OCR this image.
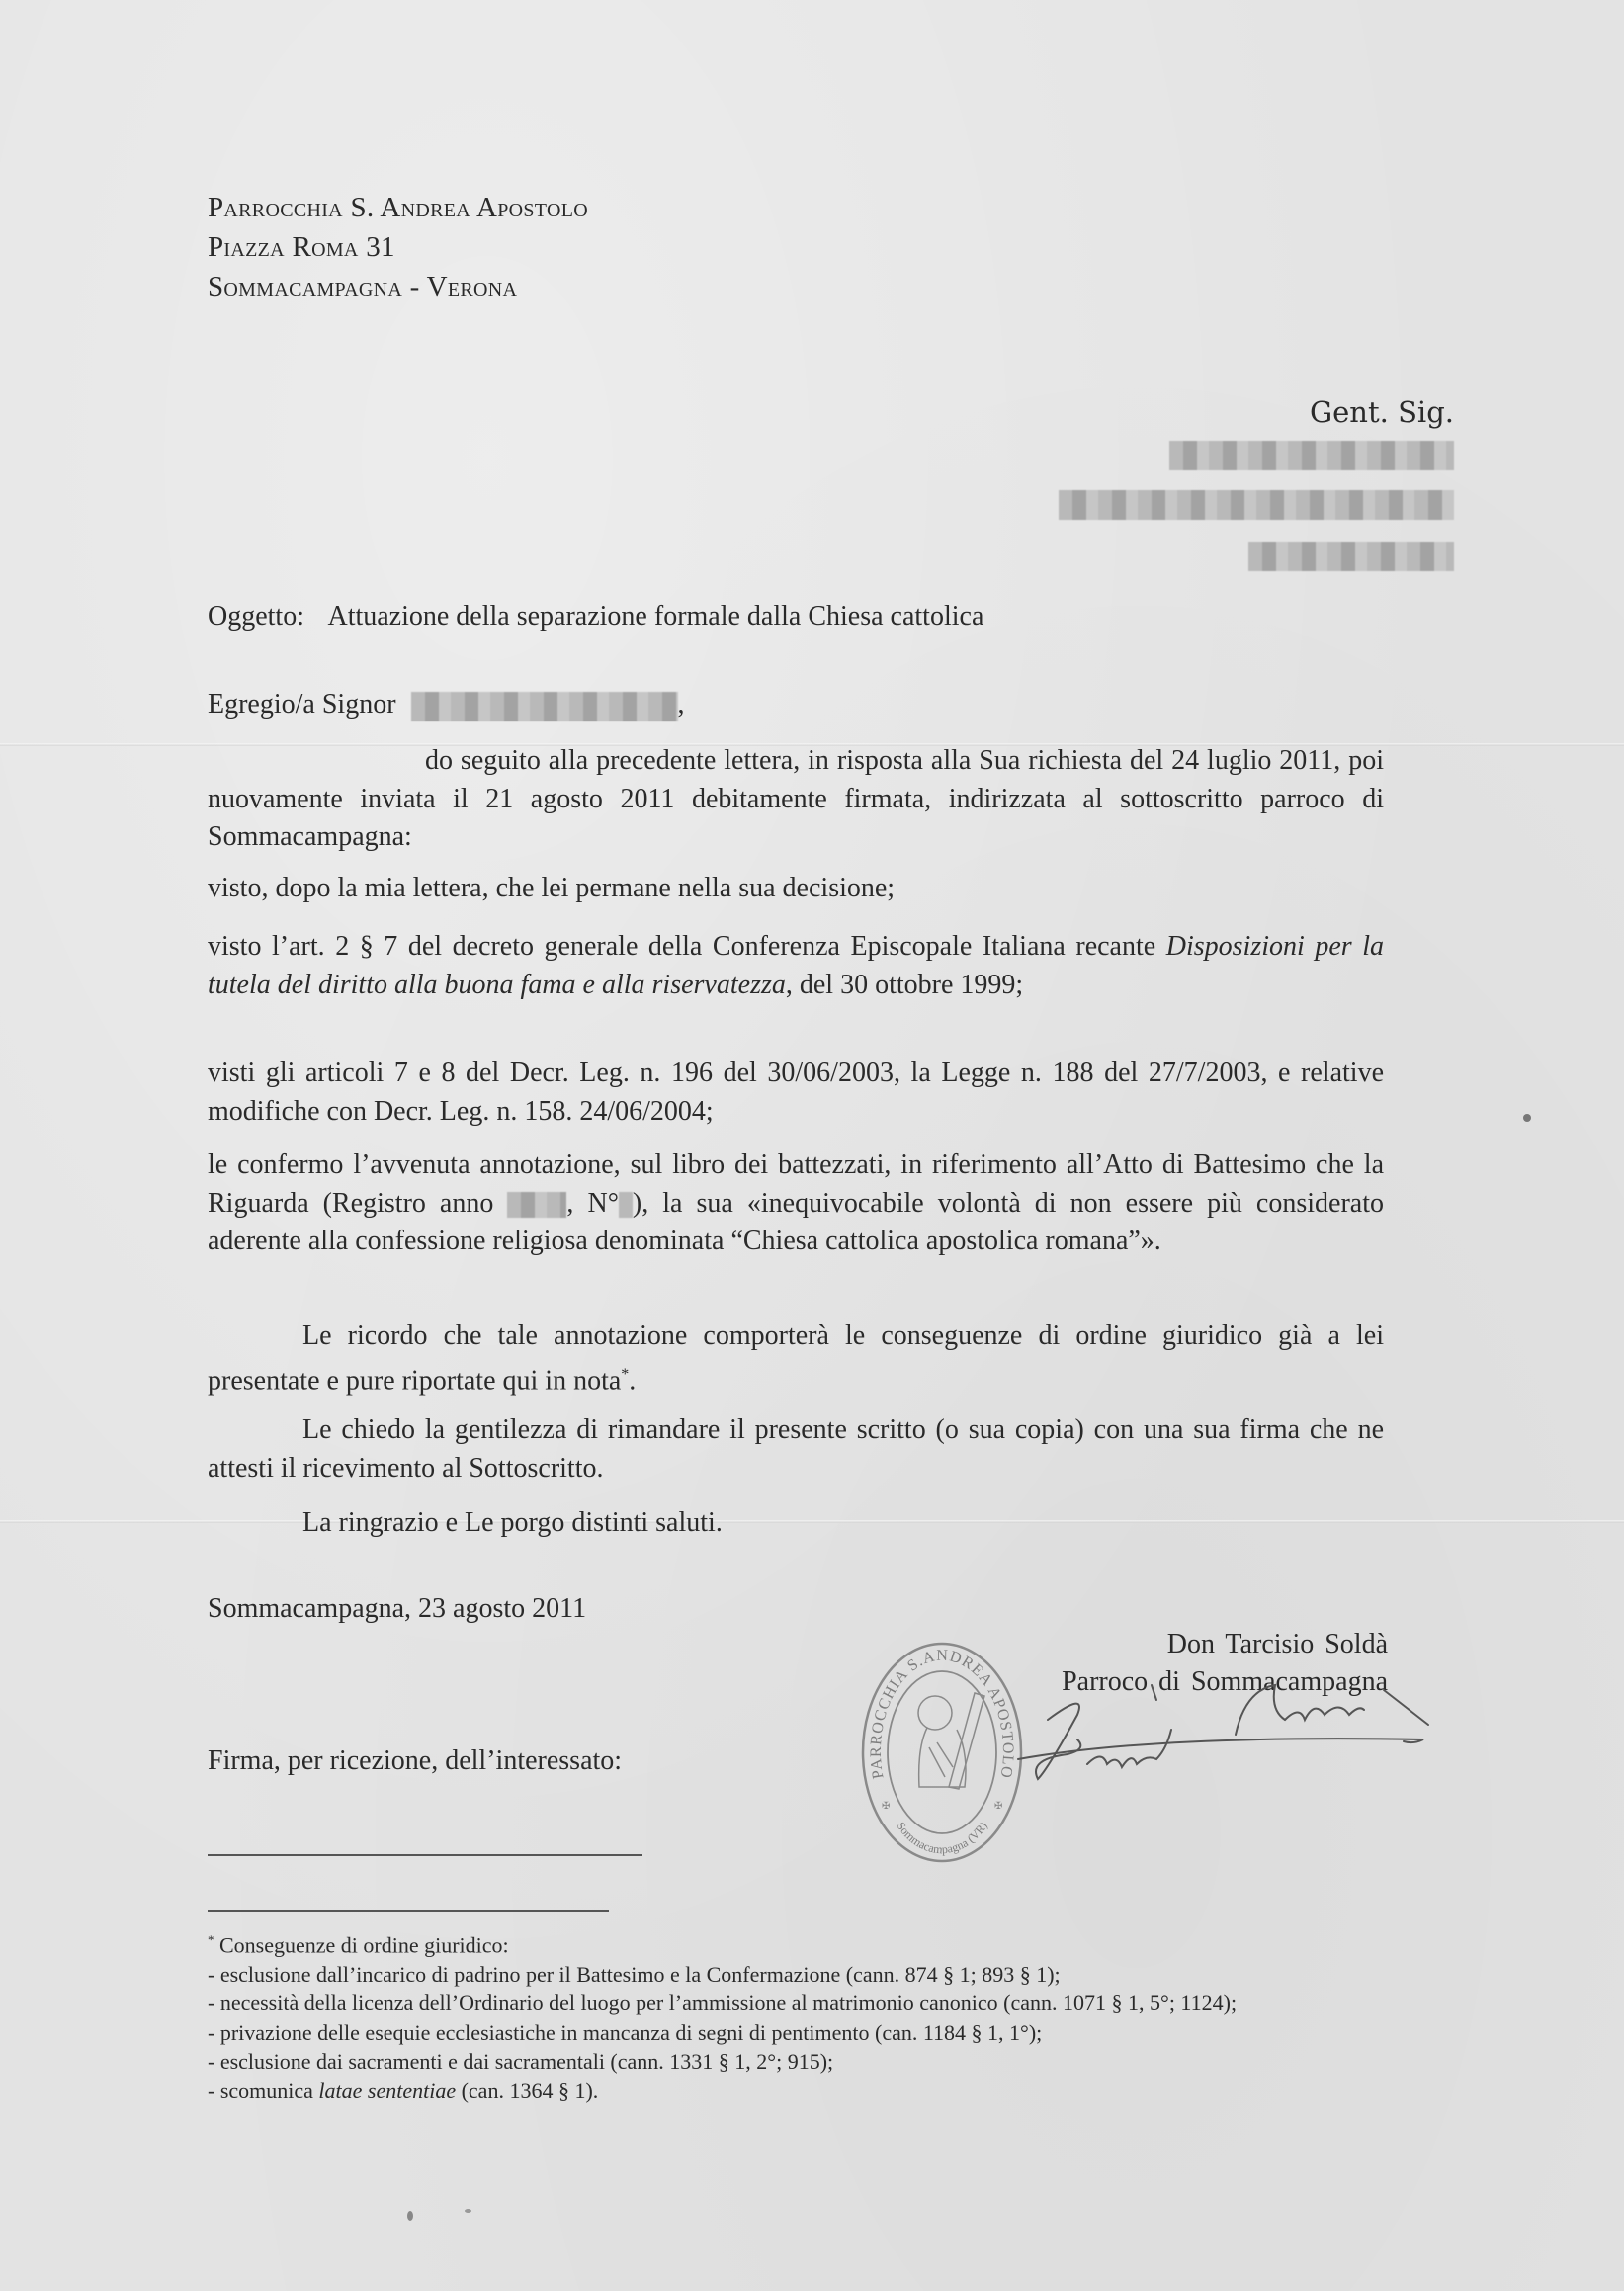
Parrocchia S. Andrea Apostolo
Piazza Roma 31
Sommacampagna - Verona
Gent. Sig.
Oggetto: Attuazione della separazione formale dalla Chiesa cattolica
Egregio/a Signor	,
do seguito alla precedente lettera, in risposta alla Sua richiesta del 24 luglio 2011, poi nuovamente inviata il 21 agosto 2011 debitamente firmata, indirizzata al sottoscritto parroco di Sommacampagna:
visto, dopo la mia lettera, che lei permane nella sua decisione;
visto l’art. 2 § 7 del decreto generale della Conferenza Episcopale Italiana recante Disposizioni per la tutela del diritto alla buona fama e alla riservatezza, del 30 ottobre 1999;
visti gli articoli 7 e 8 del Decr. Leg. n. 196 del 30/06/2003, la Legge n. 188 del 27/7/2003, e relative modifiche con Decr. Leg. n. 158. 24/06/2004;
le confermo l’avvenuta annotazione, sul libro dei battezzati, in riferimento all’Atto di Battesimo che la Riguarda (Registro anno , N° ), la sua «inequivocabile volontà di non essere più considerato aderente alla confessione religiosa denominata “Chiesa cattolica apostolica romana”».
Le ricordo che tale annotazione comporterà le conseguenze di ordine giuridico già a lei presentate e pure riportate qui in nota*.
Le chiedo la gentilezza di rimandare il presente scritto (o sua copia) con una sua firma che ne attesti il ricevimento al Sottoscritto.
La ringrazio e Le porgo distinti saluti.
Sommacampagna, 23 agosto 2011
Don Tarcisio Soldà
Parroco di Sommacampagna
PARROCCHIA S.ANDREA APOSTOLO
Sommacampagna (VR)
✠	✠
Firma, per ricezione, dell’interessato:
* Conseguenze di ordine giuridico:
- esclusione dall’incarico di padrino per il Battesimo e la Confermazione (cann. 874 § 1; 893 § 1);
- necessità della licenza dell’Ordinario del luogo per l’ammissione al matrimonio canonico (cann. 1071 § 1, 5°; 1124);
- privazione delle esequie ecclesiastiche in mancanza di segni di pentimento (can. 1184 § 1, 1°);
- esclusione dai sacramenti e dai sacramentali (cann. 1331 § 1, 2°; 915);
- scomunica latae sententiae (can. 1364 § 1).
